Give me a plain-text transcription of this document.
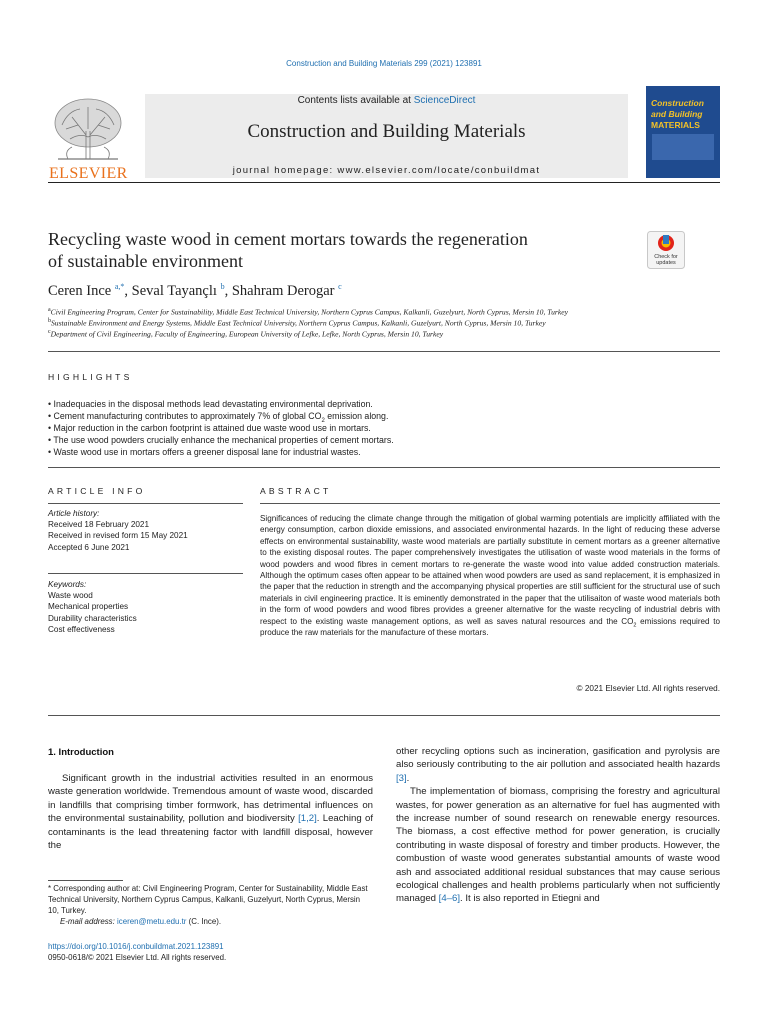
Construction and Building Materials 299 (2021) 123891
ELSEVIER
Contents lists available at ScienceDirect
Construction and Building Materials
journal homepage: www.elsevier.com/locate/conbuildmat
Construction
and Building
MATERIALS
Recycling waste wood in cement mortars towards the regeneration
of sustainable environment	Check for
updates
Ceren Ince $^{a,*}$, Seval Tayançlı $^b$, Shahram Derogar $^c$
$^a$Civil Engineering Program, Center for Sustainability, Middle East Technical University, Northern Cyprus Campus, Kalkanli, Guzelyurt, North Cyprus, Mersin 10, Turkey
$^b$Sustainable Environment and Energy Systems, Middle East Technical University, Northern Cyprus Campus, Kalkanli, Guzelyurt, North Cyprus, Mersin 10, Turkey
$^c$Department of Civil Engineering, Faculty of Engineering, European University of Lefke, Lefke, North Cyprus, Mersin 10, Turkey
HIGHLIGHTS
• Inadequacies in the disposal methods lead devastating environmental deprivation.
• Cement manufacturing contributes to approximately 7% of global $CO_2$ emission along.
• Major reduction in the carbon footprint is attained due waste wood use in mortars.
• The use wood powders crucially enhance the mechanical properties of cement mortars.
• Waste wood use in mortars offers a greener disposal lane for industrial wastes.
ARTICLE INFO
Article history:
Received 18 February 2021
Received in revised form 15 May 2021
Accepted 6 June 2021
Keywords:
Waste wood
Mechanical properties
Durability characteristics
Cost effectiveness
ABSTRACT
Significances of reducing the climate change through the mitigation of global warming potentials are implicitly affiliated with the energy consumption, carbon dioxide emissions, and associated environmental hazards. In the light of reducing these adverse effects on environmental sustainability, waste wood materials are partially substitute in cement mortars as a greener alternative to the existing disposal routes. The paper comprehensively investigates the utilisation of waste wood materials in the forms of wood powders and wood fibres in cement mortars to re-generate the waste wood into value added construction materials. Although the optimum cases often appear to be attained when wood powders are used as sand replacement, it is emphasized in the paper that the reduction in strength and the accompanying physical properties are still sufficient for the structural use of such materials in civil engineering practice. It is eminently demonstrated in the paper that the utilisaiton of waste wood materials both in the form of wood powders and wood fibres provides a greener alternative for the waste recycling of industrial debris with respect to the existing waste management options, as well as saves natural resources and the $CO_2$ emissions required to produce the raw materials for the manufacture of these mortars.
© 2021 Elsevier Ltd. All rights reserved.
1. Introduction

Significant growth in the industrial activities resulted in an enormous waste generation worldwide. Tremendous amount of waste wood, discarded in landfills that comprising timber formwork, has detrimental influences on the environmental sustainability, pollution and biodiversity [1,2]. Leaching of contaminants is the lead threatening factor with landfill disposal, however the

other recycling options such as incineration, gasification and pyrolysis are also seriously contributing to the air pollution and associated health hazards [3].

The implementation of biomass, comprising the forestry and agricultural wastes, for power generation as an alternative for fuel has augmented with the increase number of sound research on renewable energy resources. The biomass, a cost effective method for power generation, is crucially contributing in waste disposal of forestry and timber products. However, the combustion of waste wood generates substantial amounts of waste wood ash and associated additional residual substances that may cause serious ecological challenges and health problems particularly when not sufficiently managed [4–6]. It is also reported in Etiegni and

* Corresponding author at: Civil Engineering Program, Center for Sustainability, Middle East Technical University, Northern Cyprus Campus, Kalkanli, Guzelyurt, North Cyprus, Mersin 10, Turkey.
E-mail address: iceren@metu.edu.tr (C. Ince).
https://doi.org/10.1016/j.conbuildmat.2021.123891
0950-0618/© 2021 Elsevier Ltd. All rights reserved.
